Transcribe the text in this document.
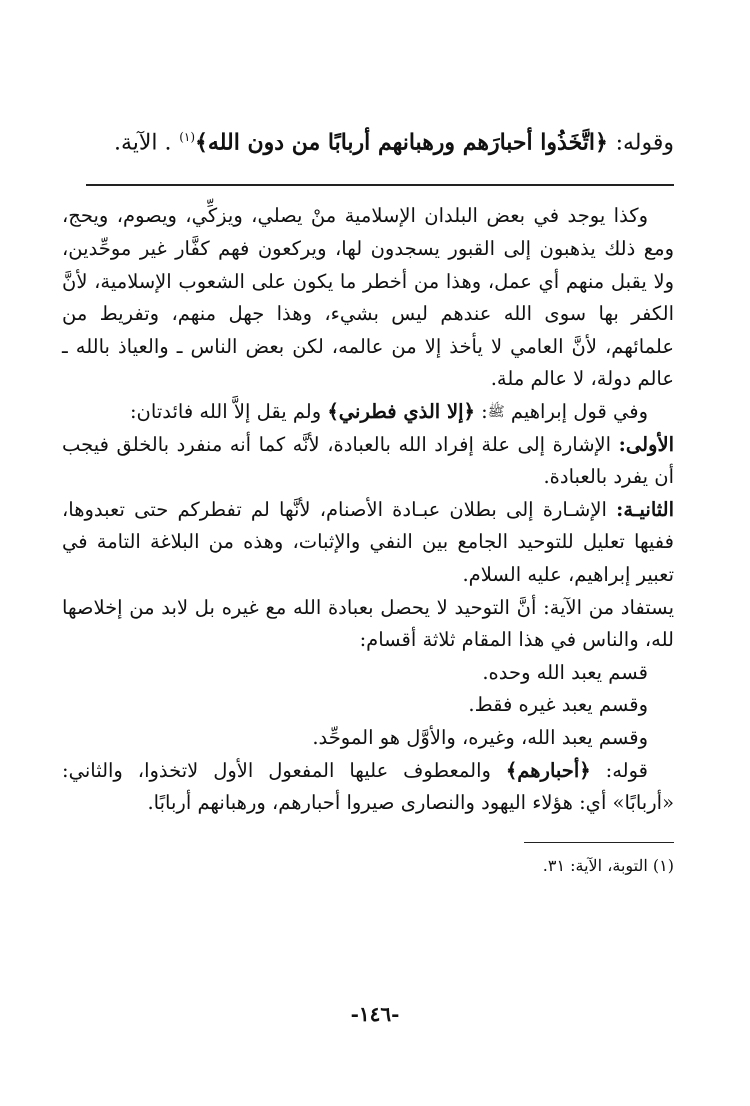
وقوله: ﴿اتَّخَذُوا أحبارَهم ورهبانهم أربابًا من دون الله﴾$^{(١)}$ . الآية.

وكذا يوجد في بعض البلدان الإسلامية منْ يصلي، ويزكِّي، ويصوم، ويحج، ومع ذلك يذهبون إلى القبور يسجدون لها، ويركعون فهم كفَّار غير موحِّدين، ولا يقبل منهم أي عمل، وهذا من أخطر ما يكون على الشعوب الإسلامية، لأنَّ الكفر بها سوى الله عندهم ليس بشيء، وهذا جهل منهم، وتفريط من علمائهم، لأنَّ العامي لا يأخذ إلا من عالمه، لكن بعض الناس ـ والعياذ بالله ـ عالم دولة، لا عالم ملة.

وفي قول إبراهيم ﷺ: ﴿إلا الذي فطرني﴾ ولم يقل إلاَّ الله فائدتان:

الأولى: الإشارة إلى علة إفراد الله بالعبادة، لأنَّه كما أنه منفرد بالخلق فيجب أن يفرد بالعبادة.

الثانيـة: الإشـارة إلى بطلان عبـادة الأصنام، لأنَّها لم تفطركم حتى تعبدوها، ففيها تعليل للتوحيد الجامع بين النفي والإثبات، وهذه من البلاغة التامة في تعبير إبراهيم، عليه السلام.

يستفاد من الآية: أنَّ التوحيد لا يحصل بعبادة الله مع غيره بل لابد من إخلاصها لله، والناس في هذا المقام ثلاثة أقسام:

قسم يعبد الله وحده.

وقسم يعبد غيره فقط.

وقسم يعبد الله، وغيره، والأوَّل هو الموحِّد.

قوله: ﴿أحبارهم﴾ والمعطوف عليها المفعول الأول لاتخذوا، والثاني: «أربابًا» أي: هؤلاء اليهود والنصارى صيروا أحبارهم، ورهبانهم أربابًا.

(١) التوبة، الآية: ٣١.

-١٤٦-
